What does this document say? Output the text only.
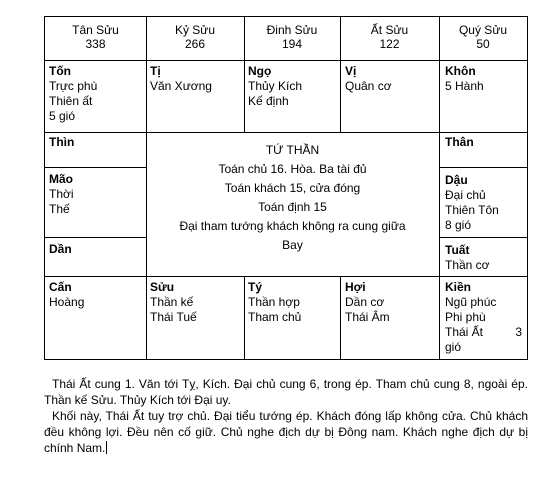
Tân Sửu
338
Kỷ Sửu
266
Đinh Sửu
194
Ất Sửu
122
Quý Sửu
50
Tốn
Trực phù
Thiên ất
5 gió
Tị
Văn Xương
Ngọ
Thủy Kích
Kế định
Vị
Quân cơ
Khôn
5 Hành
Thìn
Mão
Thời
Thế
Dần
Thân
Dậu
Đại chủ
Thiên Tôn
8 gió
Tuất
Thần cơ
TỨ THẦN
Toán chủ 16. Hòa. Ba tài đủ
Toán khách 15, cửa đóng
Toán định 15
Đại tham tướng khách không ra cung giữa
Bay
Cấn
Hoàng
Sửu
Thần kế
Thái Tuế
Tý
Thần hợp
Tham chủ
Hợi
Dần cơ
Thái Âm
Kiền
Ngũ phúc
Phi phù
Thái Ất	3
gió
Thái Ất cung 1. Văn tới Tỵ, Kích. Đại chủ cung 6, trong ép. Tham chủ cung 8, ngoài ép. Thần kế Sửu. Thủy Kích tới Đại uy.
Khối này, Thái Ất tuy trợ chủ. Đại tiểu tướng ép. Khách đóng lấp không cửa. Chủ khách đều không lợi. Đều nên cố giữ. Chủ nghe địch dự bị Đông nam. Khách nghe địch dự bị chính Nam.
